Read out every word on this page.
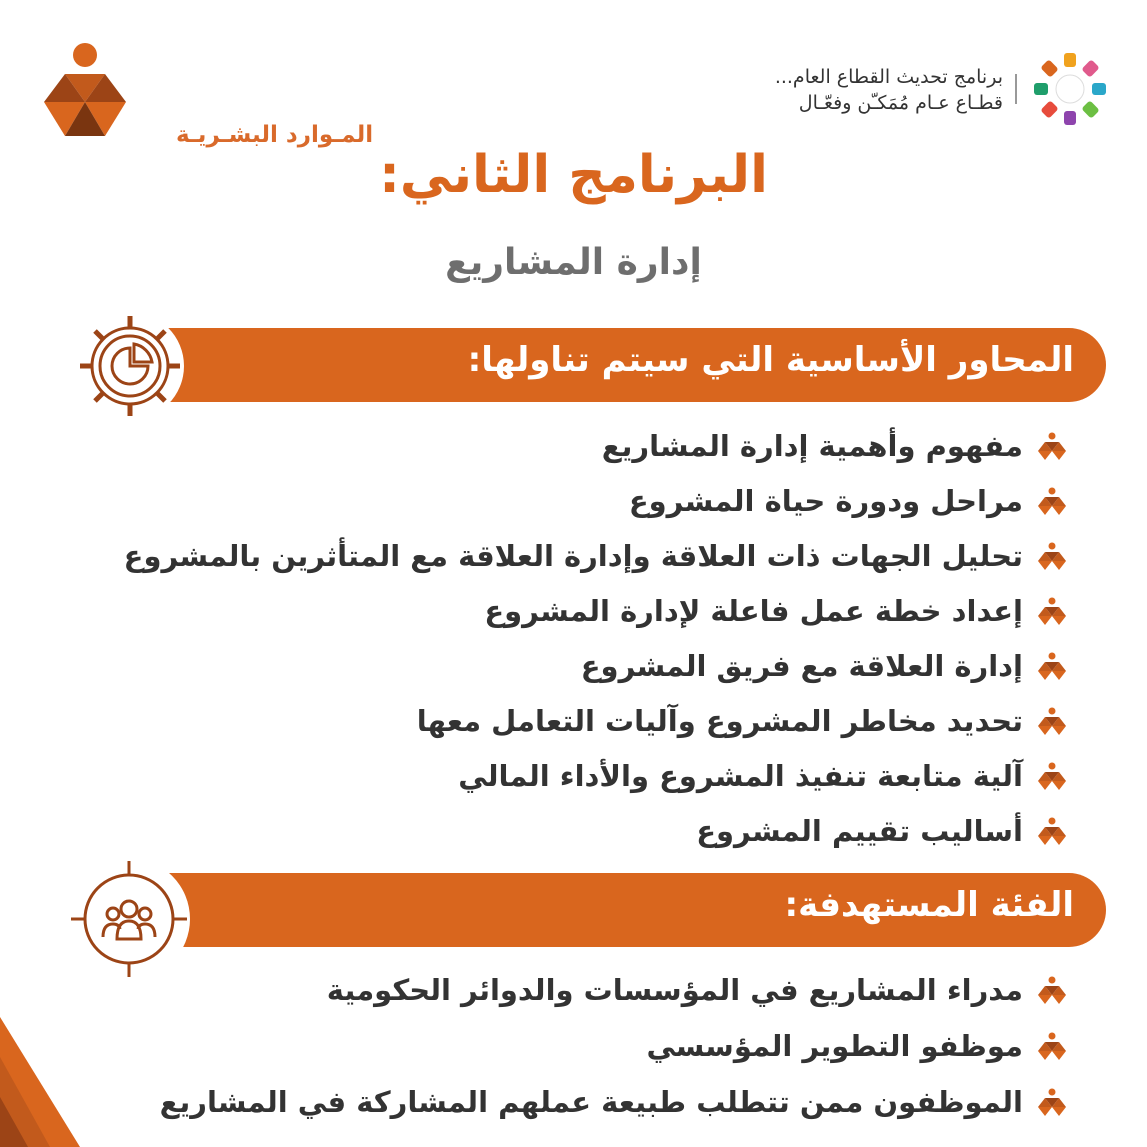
المـوارد البشـريـة
برنامج تحديث القطاع العام...
قطـاع عـام مُمَكـّن وفعّـال
البرنامج الثاني:
إدارة المشاريع
المحاور الأساسية التي سيتم تناولها:
مفهوم وأهمية إدارة المشاريع
مراحل ودورة حياة المشروع
تحليل الجهات ذات العلاقة وإدارة العلاقة مع المتأثرين بالمشروع
إعداد خطة عمل فاعلة لإدارة المشروع
إدارة العلاقة مع فريق المشروع
تحديد مخاطر المشروع وآليات التعامل معها
آلية متابعة تنفيذ المشروع والأداء المالي
أساليب تقييم المشروع
الفئة المستهدفة:
مدراء المشاريع في المؤسسات والدوائر الحكومية
موظفو التطوير المؤسسي
الموظفون ممن تتطلب طبيعة عملهم المشاركة في المشاريع
